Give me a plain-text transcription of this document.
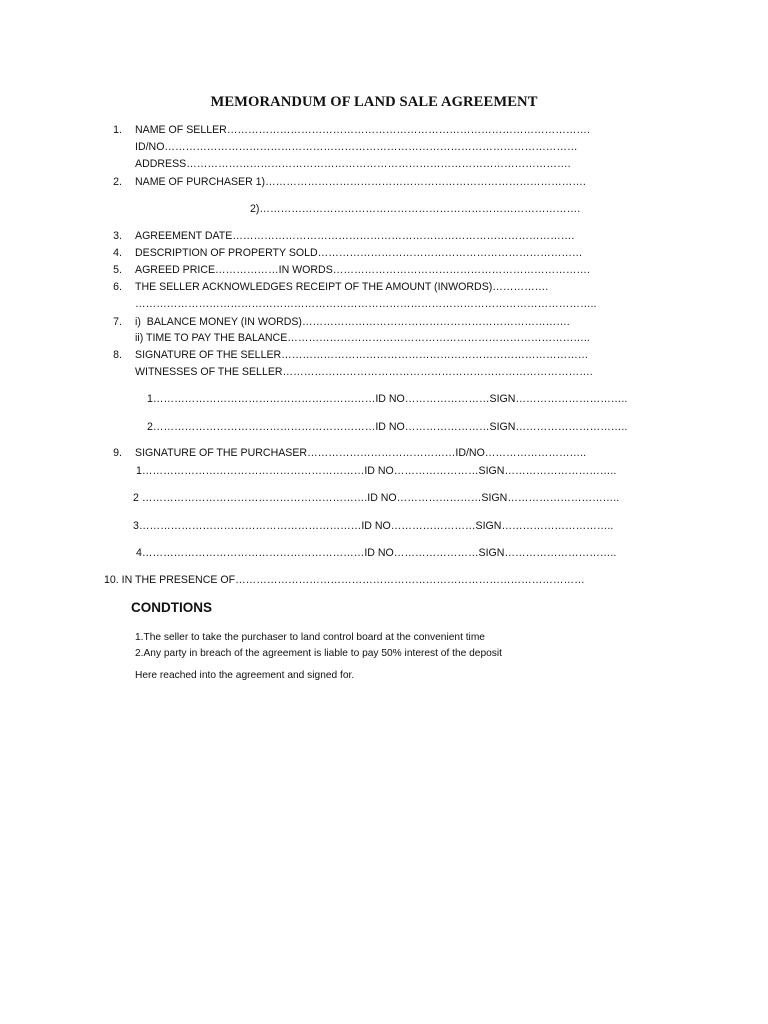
MEMORANDUM OF LAND SALE AGREEMENT
1. NAME OF SELLER………………………………………………………………………………………….
ID/NO………………………………………………………………………………………………………
ADDRESS……………………………………………………………………………………………….
2. NAME OF PURCHASER 1)……………………………………………………………………………….
2)……………………………………………………………………………….
3. AGREEMENT DATE…………………………………………………………………………………….
4. DESCRIPTION OF PROPERTY SOLD…………………………………………………………………
5. AGREED PRICE………………IN WORDS……………………………………………………………….
6. THE SELLER ACKNOWLEDGES RECEIPT OF THE AMOUNT (INWORDS)…………….
…………………………………………………………………………………………………………………..
7. i)  BALANCE MONEY (IN WORDS)………………………………………………………………….
ii) TIME TO PAY THE BALANCE…………………………………………………………………………..
8. SIGNATURE OF THE SELLER……………………………………………………………………………
WITNESSES OF THE SELLER…………………………………………………………………………….
1………………………………………………………ID NO……………………SIGN…………………………..
2………………………………………………………ID NO……………………SIGN…………………………..
9. SIGNATURE OF THE PURCHASER……………………………………ID/NO………………………..
1………………………………………………………ID NO……………………SIGN…………………………..
2 ……………………………………………………….ID NO……………………SIGN…………………………..
3………………………………………………………ID NO……………………SIGN…………………………..
4………………………………………………………ID NO……………………SIGN…………………………..
10. IN THE PRESENCE OF………………………………………………………………………………………
CONDTIONS
1.The seller to take the purchaser to land control board at the convenient time
2.Any party in breach of the agreement is liable to pay 50% interest of the deposit
Here reached into the agreement and signed for.
